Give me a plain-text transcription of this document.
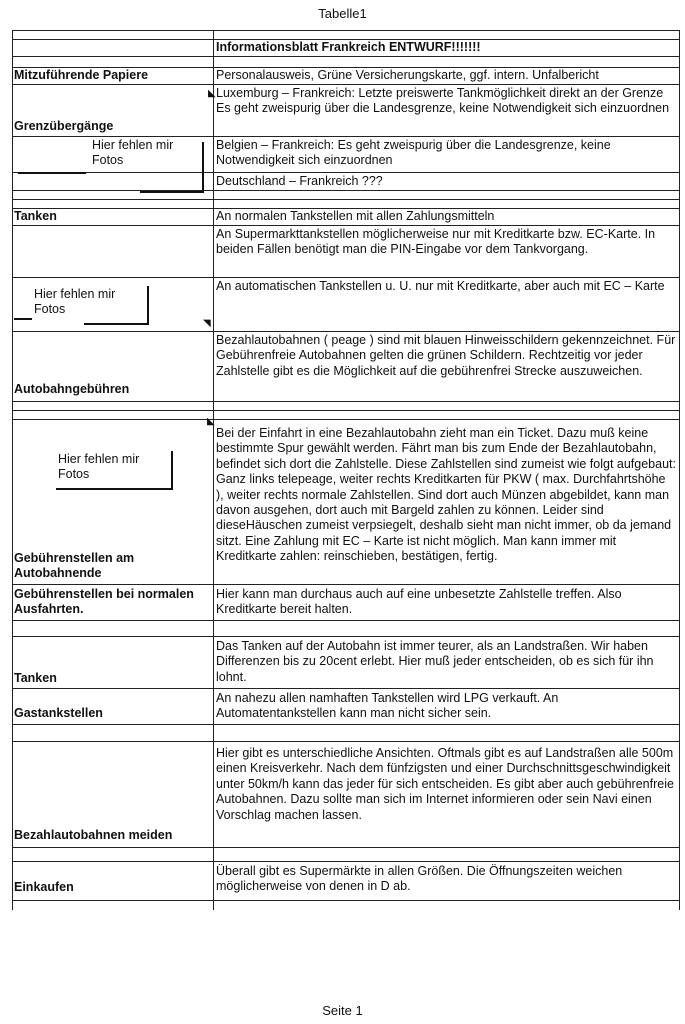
Tabelle1
Informationsblatt Frankreich ENTWURF!!!!!!!
Mitzuführende Papiere	Personalausweis, Grüne Versicherungskarte, ggf. intern. Unfalbericht
Grenzübergänge
Luxemburg – Frankreich: Letzte preiswerte Tankmöglichkeit direkt an der Grenze Es geht zweispurig über die Landesgrenze, keine Notwendigkeit sich einzuordnen
Belgien – Frankreich: Es geht zweispurig über die Landesgrenze, keine Notwendigkeit sich einzuordnen
Deutschland – Frankreich ???
Tanken	An normalen Tankstellen mit allen Zahlungsmitteln
An Supermarkttankstellen möglicherweise nur mit Kreditkarte bzw. EC-Karte. In beiden Fällen benötigt man die PIN-Eingabe vor dem Tankvorgang.
An automatischen Tankstellen u. U. nur mit Kreditkarte, aber auch mit EC – Karte
Autobahngebühren
Bezahlautobahnen ( peage ) sind mit blauen Hinweisschildern gekennzeichnet. Für Gebührenfreie Autobahnen gelten die grünen Schildern. Rechtzeitig vor jeder Zahlstelle gibt es die Möglichkeit auf die gebührenfrei Strecke auszuweichen.
Gebührenstellen am Autobahnende
Bei der Einfahrt in eine Bezahlautobahn zieht man ein Ticket. Dazu muß keine bestimmte Spur gewählt werden. Fährt man bis zum Ende der Bezahlautobahn, befindet sich dort die Zahlstelle. Diese Zahlstellen sind zumeist wie folgt aufgebaut: Ganz links telepeage, weiter rechts Kreditkarten für PKW ( max. Durchfahrtshöhe ), weiter rechts normale Zahlstellen. Sind dort auch Münzen abgebildet, kann man davon ausgehen, dort auch mit Bargeld zahlen zu können. Leider sind dieseHäuschen zumeist verpsiegelt, deshalb sieht man nicht immer, ob da jemand sitzt. Eine Zahlung mit EC – Karte ist nicht möglich. Man kann immer mit Kreditkarte zahlen: reinschieben, bestätigen, fertig.
Gebührenstellen bei normalen Ausfahrten.
Hier kann man durchaus auch auf eine unbesetzte Zahlstelle treffen. Also Kreditkarte bereit halten.
Tanken
Das Tanken auf der Autobahn ist immer teurer, als an Landstraßen. Wir haben Differenzen bis zu 20cent erlebt. Hier muß jeder entscheiden, ob es sich für ihn lohnt.
Gastankstellen
An nahezu allen namhaften Tankstellen wird LPG verkauft. An Automatentankstellen kann man nicht sicher sein.
Bezahlautobahnen meiden
Hier gibt es unterschiedliche Ansichten. Oftmals gibt es auf Landstraßen alle 500m einen Kreisverkehr. Nach dem fünfzigsten und einer Durchschnittsgeschwindigkeit unter 50km/h kann das jeder für sich entscheiden. Es gibt aber auch gebührenfreie Autobahnen. Dazu sollte man sich im Internet informieren oder sein Navi einen Vorschlag machen lassen.
Einkaufen
Überall gibt es Supermärkte in allen Größen. Die Öffnungszeiten weichen möglicherweise von denen in D ab.
Hier fehlen mir
Fotos
◣
Hier fehlen mir
Fotos
◥
Hier fehlen mir
Fotos
◣
Seite 1
